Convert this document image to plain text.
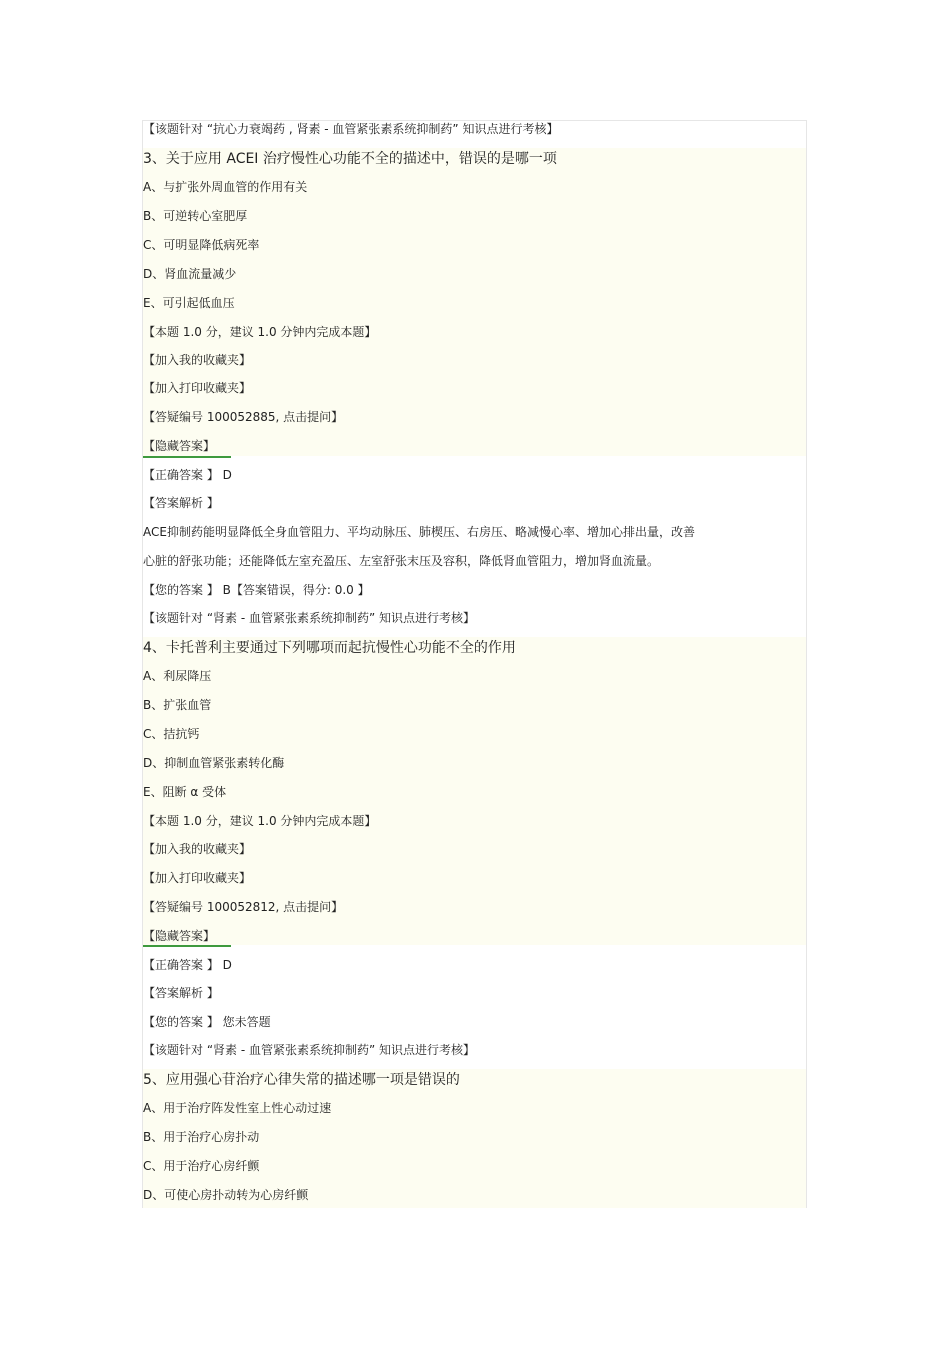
【该题针对 “抗心力衰竭药 , 肾素 - 血管紧张素系统抑制药” 知识点进行考核】
3、关于应用 ACEI 治疗慢性心功能不全的描述中，错误的是哪一项
A、与扩张外周血管的作用有关
B、可逆转心室肥厚
C、可明显降低病死率
D、肾血流量减少
E、可引起低血压
【本题 1.0 分，建议 1.0 分钟内完成本题】
【加入我的收藏夹】
【加入打印收藏夹】
【答疑编号 100052885, 点击提问】
【隐藏答案】
【正确答案 】 D
【答案解析 】
ACE抑制药能明显降低全身血管阻力、平均动脉压、肺楔压、右房压、略减慢心率、增加心排出量，改善
心脏的舒张功能；还能降低左室充盈压、左室舒张末压及容积，降低肾血管阻力，增加肾血流量。
【您的答案 】 B【答案错误，得分: 0.0 】
【该题针对 “肾素 - 血管紧张素系统抑制药” 知识点进行考核】
4、卡托普利主要通过下列哪项而起抗慢性心功能不全的作用
A、利尿降压
B、扩张血管
C、拮抗钙
D、抑制血管紧张素转化酶
E、阻断 α 受体
【本题 1.0 分，建议 1.0 分钟内完成本题】
【加入我的收藏夹】
【加入打印收藏夹】
【答疑编号 100052812, 点击提问】
【隐藏答案】
【正确答案 】 D
【答案解析 】
【您的答案 】 您未答题
【该题针对 “肾素 - 血管紧张素系统抑制药” 知识点进行考核】
5、应用强心苷治疗心律失常的描述哪一项是错误的
A、用于治疗阵发性室上性心动过速
B、用于治疗心房扑动
C、用于治疗心房纤颤
D、可使心房扑动转为心房纤颤
